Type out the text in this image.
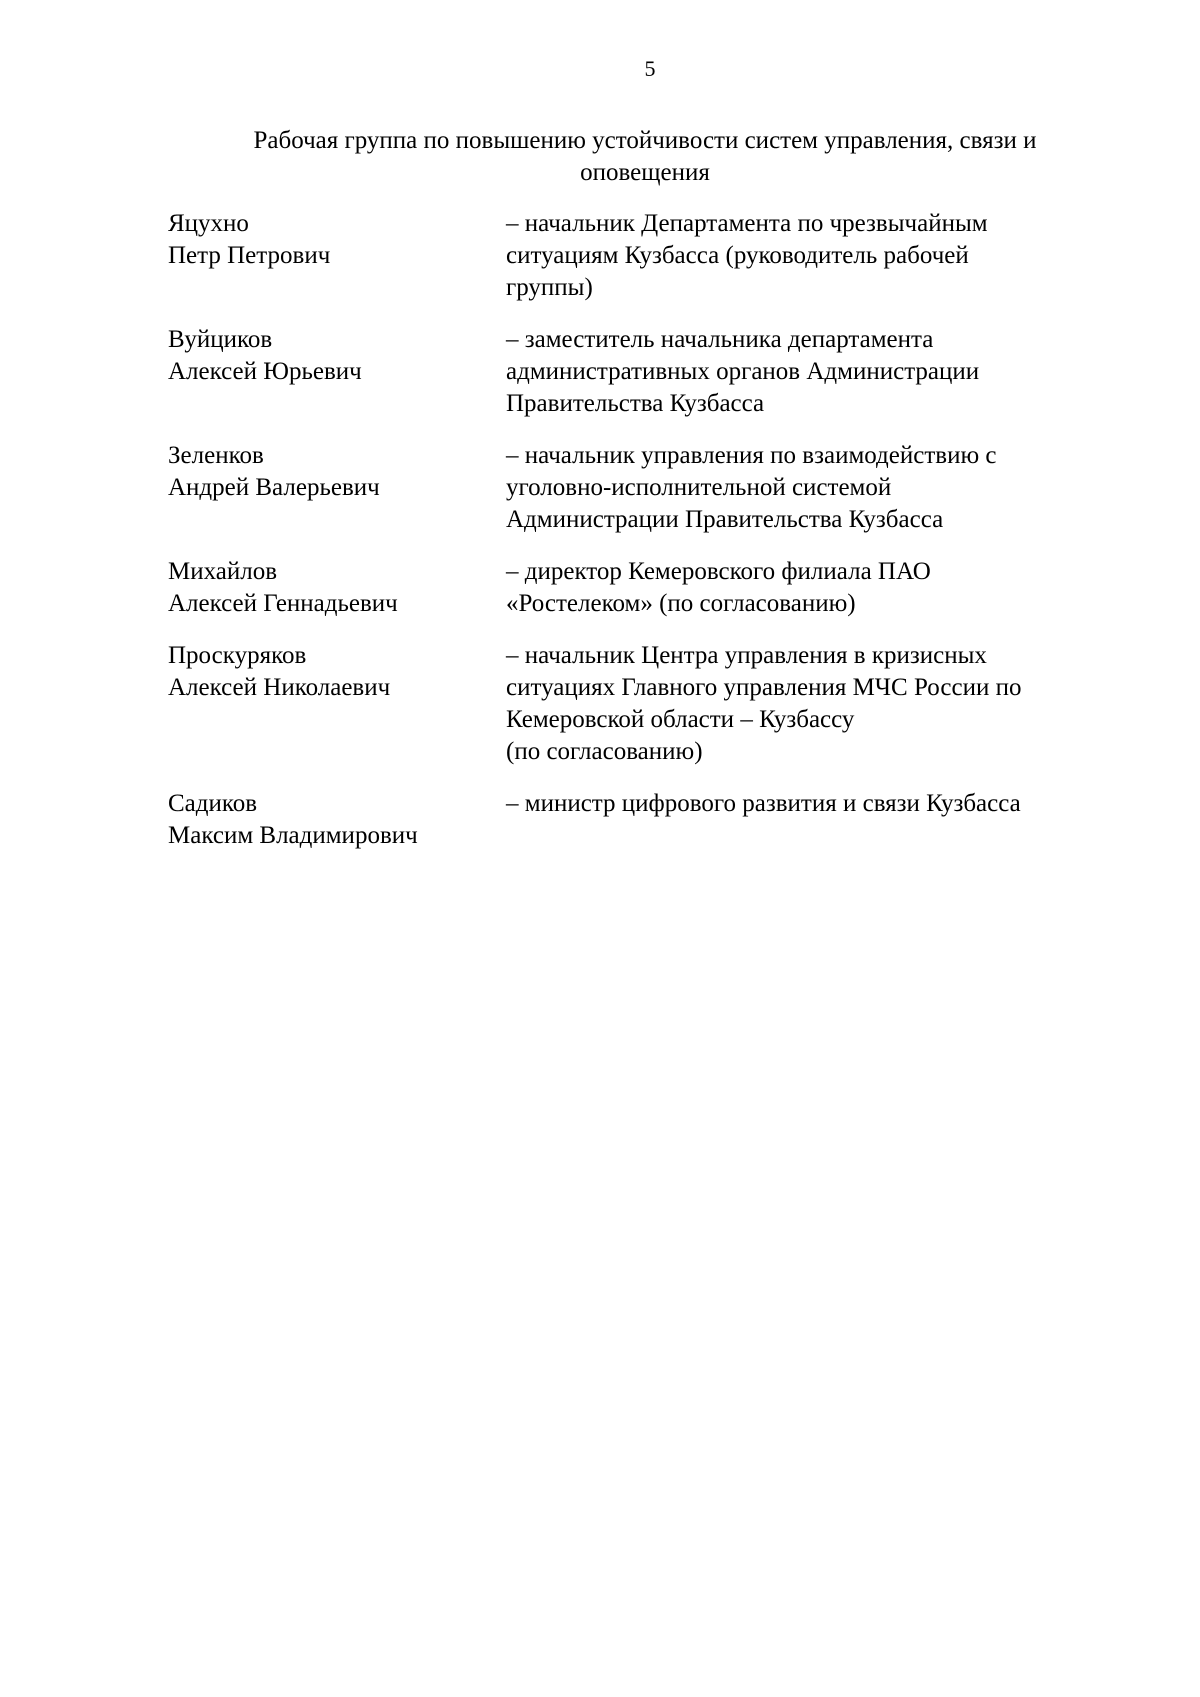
5
Рабочая группа по повышению устойчивости систем управления, связи и
оповещения
Яцухно
Петр Петрович
– начальник Департамента по чрезвычайным
ситуациям Кузбасса (руководитель рабочей
группы)
Вуйциков
Алексей Юрьевич
– заместитель начальника департамента
административных органов Администрации
Правительства Кузбасса
Зеленков
Андрей Валерьевич
– начальник управления по взаимодействию с
уголовно-исполнительной системой
Администрации Правительства Кузбасса
Михайлов
Алексей Геннадьевич
– директор Кемеровского филиала ПАО
«Ростелеком» (по согласованию)
Проскуряков
Алексей Николаевич
– начальник Центра управления в кризисных
ситуациях Главного управления МЧС России по
Кемеровской области – Кузбассу
(по согласованию)
Садиков
Максим Владимирович
– министр цифрового развития и связи Кузбасса
